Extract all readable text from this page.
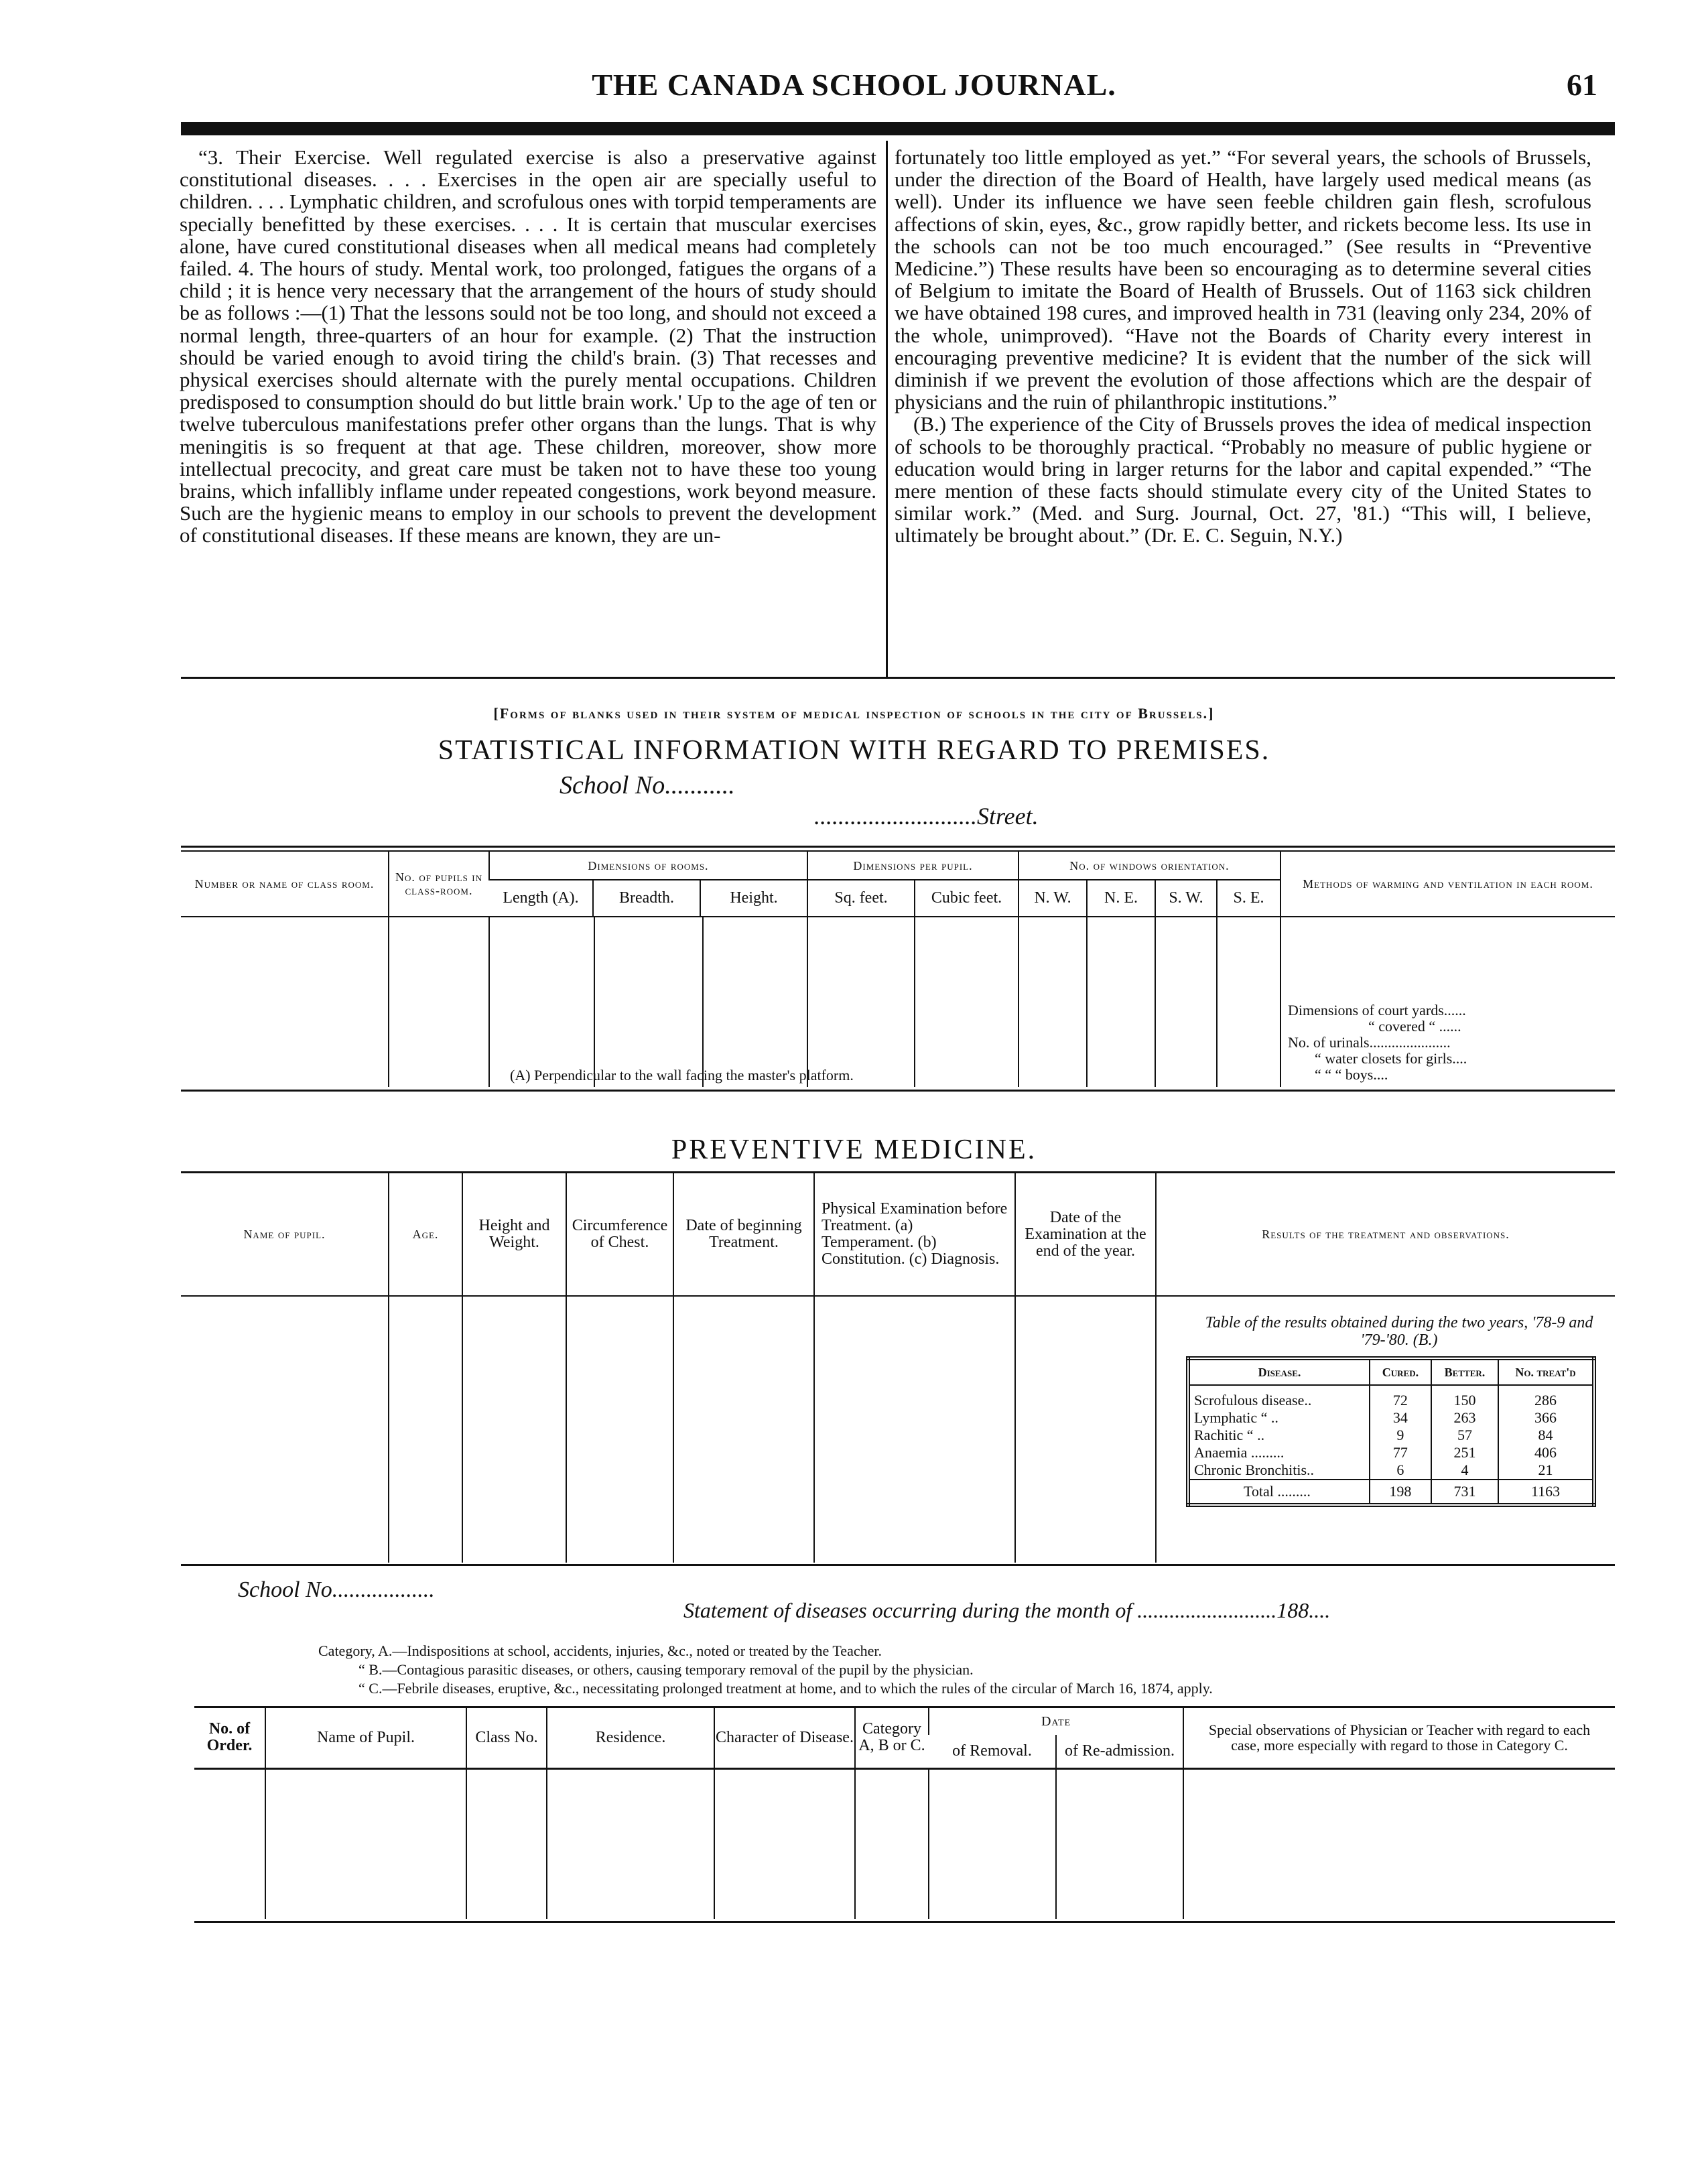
THE CANADA SCHOOL JOURNAL.	61

“3. Their Exercise. Well regulated exercise is also a preservative against constitutional diseases. . . . Exercises in the open air are specially useful to children. . . . Lymphatic children, and scrofulous ones with torpid temperaments are specially benefitted by these exercises. . . . It is certain that muscular exercises alone, have cured constitutional diseases when all medical means had completely failed. 4. The hours of study. Mental work, too prolonged, fatigues the organs of a child ; it is hence very necessary that the arrangement of the hours of study should be as follows :—(1) That the lessons sould not be too long, and should not exceed a normal length, three-quarters of an hour for example. (2) That the instruction should be varied enough to avoid tiring the child's brain. (3) That recesses and physical exercises should alternate with the purely mental occupations. Children predisposed to consumption should do but little brain work.' Up to the age of ten or twelve tuberculous manifestations prefer other organs than the lungs. That is why meningitis is so frequent at that age. These children, moreover, show more intellectual precocity, and great care must be taken not to have these too young brains, which infallibly inflame under repeated congestions, work beyond measure. Such are the hygienic means to employ in our schools to prevent the development of constitutional diseases. If these means are known, they are un-

fortunately too little employed as yet.” “For several years, the schools of Brussels, under the direction of the Board of Health, have largely used medical means (as well). Under its influence we have seen feeble children gain flesh, scrofulous affections of skin, eyes, &c., grow rapidly better, and rickets become less. Its use in the schools can not be too much encouraged.” (See results in “Preventive Medicine.”) These results have been so encouraging as to determine several cities of Belgium to imitate the Board of Health of Brussels. Out of 1163 sick children we have obtained 198 cures, and improved health in 731 (leaving only 234, 20% of the whole, unimproved). “Have not the Boards of Charity every interest in encouraging preventive medicine? It is evident that the number of the sick will diminish if we prevent the evolution of those affections which are the despair of physicians and the ruin of philanthropic institutions.”

(B.) The experience of the City of Brussels proves the idea of medical inspection of schools to be thoroughly practical. “Probably no measure of public hygiene or education would bring in larger returns for the labor and capital expended.” “The mere mention of these facts should stimulate every city of the United States to similar work.” (Med. and Surg. Journal, Oct. 27, '81.) “This will, I believe, ultimately be brought about.” (Dr. E. C. Seguin, N.Y.)

[Forms of blanks used in their system of medical inspection of schools in the city of Brussels.]
STATISTICAL INFORMATION WITH REGARD TO PREMISES.
School No...........
...........................Street.
Number or name of class room.	No. of pupils in class-room.	Dimensions of rooms.			Dimensions per pupil.		No. of windows orientation.				Methods of warming and ventilation in each room.
		Length (A).	Breadth.	Height.	Sq. feet.	Cubic feet.	N. W.	N. E.	S. W.	S. E.	

		(A) Perpendicular to the wall facing the master's platform.									Dimensions of court yards......
“ covered “ ......
No. of urinals......................
“ water closets for girls....
“ “ “ boys....
PREVENTIVE MEDICINE.
Name of pupil.	Age.	Height and Weight.	Circumference of Chest.	Date of beginning Treatment.	Physical Examination before Treatment. (a) Temperament. (b) Constitution. (c) Diagnosis.	Date of the Examination at the end of the year.	Results of the treatment and observations.

							Table of the results obtained during the two years, '78-9 and '79-'80. (B.)
Disease.	Cured.	Better.	No. treat'd
Scrofulous disease..	72	150	286
Lymphatic “ ..	34	263	366
Rachitic “ ..	9	57	84
Anaemia .........	77	251	406
Chronic Bronchitis..	6	4	21
Total .........	198	731	1163
School No..................
Statement of diseases occurring during the month of ..........................188....
Category, A.—Indispositions at school, accidents, injuries, &c., noted or treated by the Teacher.
“ B.—Contagious parasitic diseases, or others, causing temporary removal of the pupil by the physician.
“ C.—Febrile diseases, eruptive, &c., necessitating prolonged treatment at home, and to which the rules of the circular of March 16, 1874, apply.
No. of Order.	Name of Pupil.	Class No.	Residence.	Character of Disease.	Category A, B or C.	Date		Special observations of Physician or Teacher with regard to each case, more especially with regard to those in Category C.
						of Removal.	of Re-admission.	
